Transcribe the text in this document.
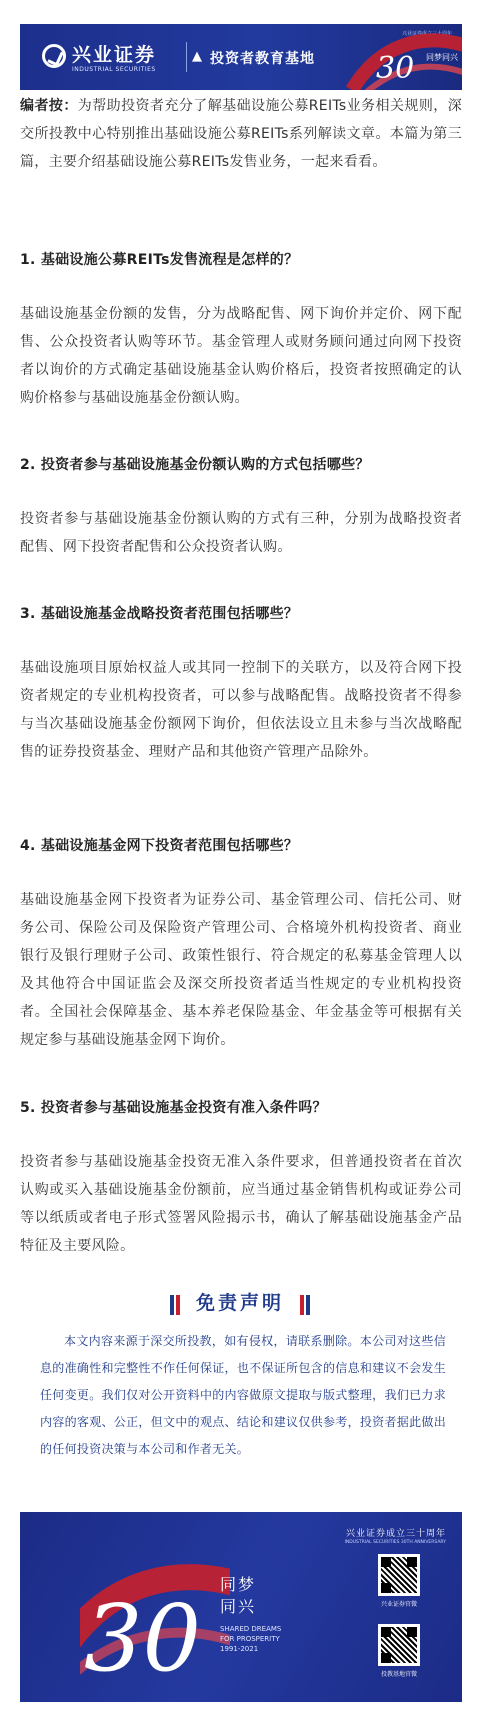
兴业证券
INDUSTRIAL SECURITIES
▲ 投资者教育基地
兴业证券成立三十周年
30 同梦同兴
编者按：为帮助投资者充分了解基础设施公募REITs业务相关规则，深交所投教中心特别推出基础设施公募REITs系列解读文章。本篇为第三篇，主要介绍基础设施公募REITs发售业务，一起来看看。
1. 基础设施公募REITs发售流程是怎样的？
基础设施基金份额的发售，分为战略配售、网下询价并定价、网下配售、公众投资者认购等环节。基金管理人或财务顾问通过向网下投资者以询价的方式确定基础设施基金认购价格后，投资者按照确定的认购价格参与基础设施基金份额认购。
2. 投资者参与基础设施基金份额认购的方式包括哪些？
投资者参与基础设施基金份额认购的方式有三种，分别为战略投资者配售、网下投资者配售和公众投资者认购。
3. 基础设施基金战略投资者范围包括哪些？
基础设施项目原始权益人或其同一控制下的关联方，以及符合网下投资者规定的专业机构投资者，可以参与战略配售。战略投资者不得参与当次基础设施基金份额网下询价，但依法设立且未参与当次战略配售的证券投资基金、理财产品和其他资产管理产品除外。
4. 基础设施基金网下投资者范围包括哪些？
基础设施基金网下投资者为证券公司、基金管理公司、信托公司、财务公司、保险公司及保险资产管理公司、合格境外机构投资者、商业银行及银行理财子公司、政策性银行、符合规定的私募基金管理人以及其他符合中国证监会及深交所投资者适当性规定的专业机构投资者。全国社会保障基金、基本养老保险基金、年金基金等可根据有关规定参与基础设施基金网下询价。
5. 投资者参与基础设施基金投资有准入条件吗？
投资者参与基础设施基金投资无准入条件要求，但普通投资者在首次认购或买入基础设施基金份额前，应当通过基金销售机构或证券公司等以纸质或者电子形式签署风险揭示书，确认了解基础设施基金产品特征及主要风险。
免责声明
本文内容来源于深交所投教，如有侵权，请联系删除。本公司对这些信息的准确性和完整性不作任何保证，也不保证所包含的信息和建议不会发生任何变更。我们仅对公开资料中的内容做原文提取与版式整理，我们已力求内容的客观、公正，但文中的观点、结论和建议仅供参考，投资者据此做出的任何投资决策与本公司和作者无关。
兴业证券成立三十周年
INDUSTRIAL SECURITIES 30TH ANNIVERSARY
30
同梦
同兴
SHARED DREAMS
FOR PROSPERITY
1991-2021
兴业证券官微
投教基地官微
